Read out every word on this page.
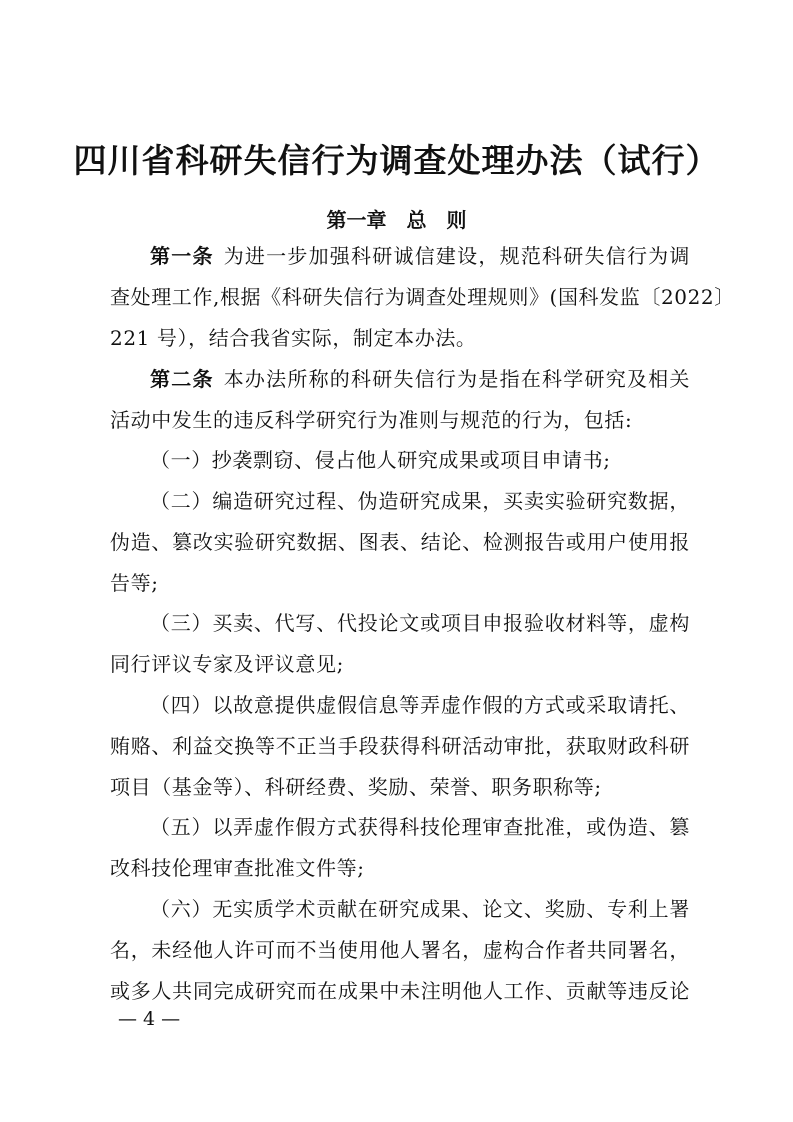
四川省科研失信行为调查处理办法（试行）
第一章　总　则
第一条 为进一步加强科研诚信建设，规范科研失信行为调
查处理工作,根据《科研失信行为调查处理规则》(国科发监〔2022〕
221 号），结合我省实际，制定本办法。
第二条 本办法所称的科研失信行为是指在科学研究及相关
活动中发生的违反科学研究行为准则与规范的行为，包括:
（一）抄袭剽窃、侵占他人研究成果或项目申请书;
（二）编造研究过程、伪造研究成果，买卖实验研究数据，
伪造、篡改实验研究数据、图表、结论、检测报告或用户使用报
告等;
（三）买卖、代写、代投论文或项目申报验收材料等，虚构
同行评议专家及评议意见;
（四）以故意提供虚假信息等弄虚作假的方式或采取请托、
贿赂、利益交换等不正当手段获得科研活动审批，获取财政科研
项目（基金等）、科研经费、奖励、荣誉、职务职称等;
（五）以弄虚作假方式获得科技伦理审查批准，或伪造、篡
改科技伦理审查批准文件等;
（六）无实质学术贡献在研究成果、论文、奖励、专利上署
名，未经他人许可而不当使用他人署名，虚构合作者共同署名，
或多人共同完成研究而在成果中未注明他人工作、贡献等违反论
— 4 —
